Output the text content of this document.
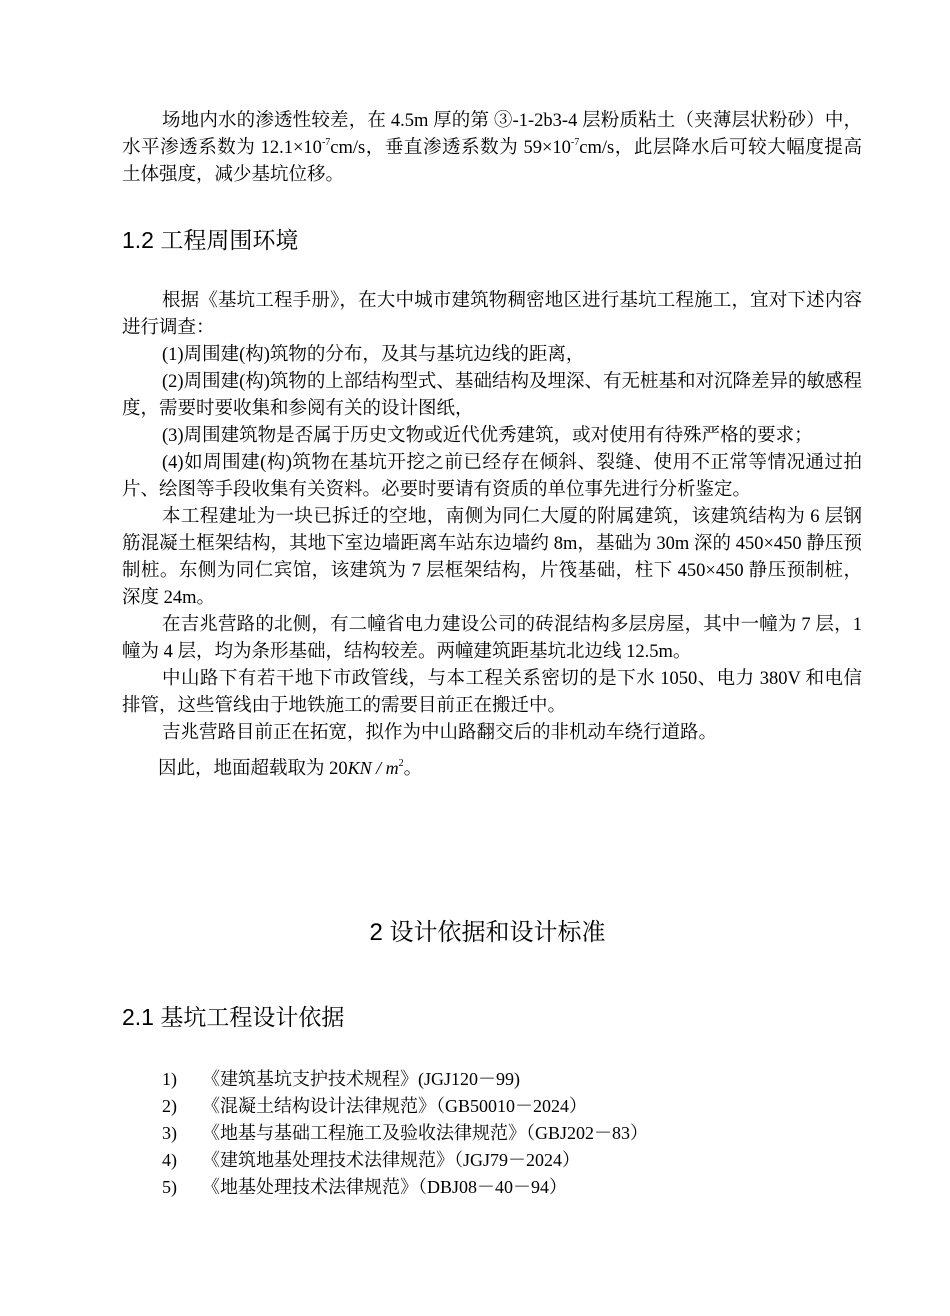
场地内水的渗透性较差，在 4.5m 厚的第 ③-1-2b3-4 层粉质粘土（夹薄层状粉砂）中，水平渗透系数为 $12.1\times 10^{-7}cm/s$，垂直渗透系数为 $59\times 10^{-7}cm/s$，此层降水后可较大幅度提高土体强度，减少基坑位移。

1.2 工程周围环境

根据《基坑工程手册》，在大中城市建筑物稠密地区进行基坑工程施工，宜对下述内容进行调查：

(1)周围建(构)筑物的分布，及其与基坑边线的距离，

(2)周围建(构)筑物的上部结构型式、基础结构及埋深、有无桩基和对沉降差异的敏感程度，需要时要收集和参阅有关的设计图纸，

(3)周围建筑物是否属于历史文物或近代优秀建筑，或对使用有待殊严格的要求；

(4)如周围建(构)筑物在基坑开挖之前已经存在倾斜、裂缝、使用不正常等情况通过拍片、绘图等手段收集有关资料。必要时要请有资质的单位事先进行分析鉴定。

本工程建址为一块已拆迁的空地，南侧为同仁大厦的附属建筑，该建筑结构为 6 层钢筋混凝土框架结构，其地下室边墙距离车站东边墙约 8m，基础为 30m 深的 450×450 静压预制桩。东侧为同仁宾馆，该建筑为 7 层框架结构，片筏基础，柱下 450×450 静压预制桩，深度 24m。

在吉兆营路的北侧，有二幢省电力建设公司的砖混结构多层房屋，其中一幢为 7 层，1 幢为 4 层，均为条形基础，结构较差。两幢建筑距基坑北边线 12.5m。

中山路下有若干地下市政管线，与本工程关系密切的是下水 1050、电力 380V 和电信排管，这些管线由于地铁施工的需要目前正在搬迁中。

吉兆营路目前正在拓宽，拟作为中山路翻交后的非机动车绕行道路。

因此，地面超载取为 $20KN / m^2$。

2 设计依据和设计标准
2.1 基坑工程设计依据
1) 《建筑基坑支护技术规程》(JGJ120－99)
2) 《混凝土结构设计法律规范》（GB50010－2024）
3) 《地基与基础工程施工及验收法律规范》（GBJ202－83）
4) 《建筑地基处理技术法律规范》（JGJ79－2024）
5) 《地基处理技术法律规范》（DBJ08－40－94）
